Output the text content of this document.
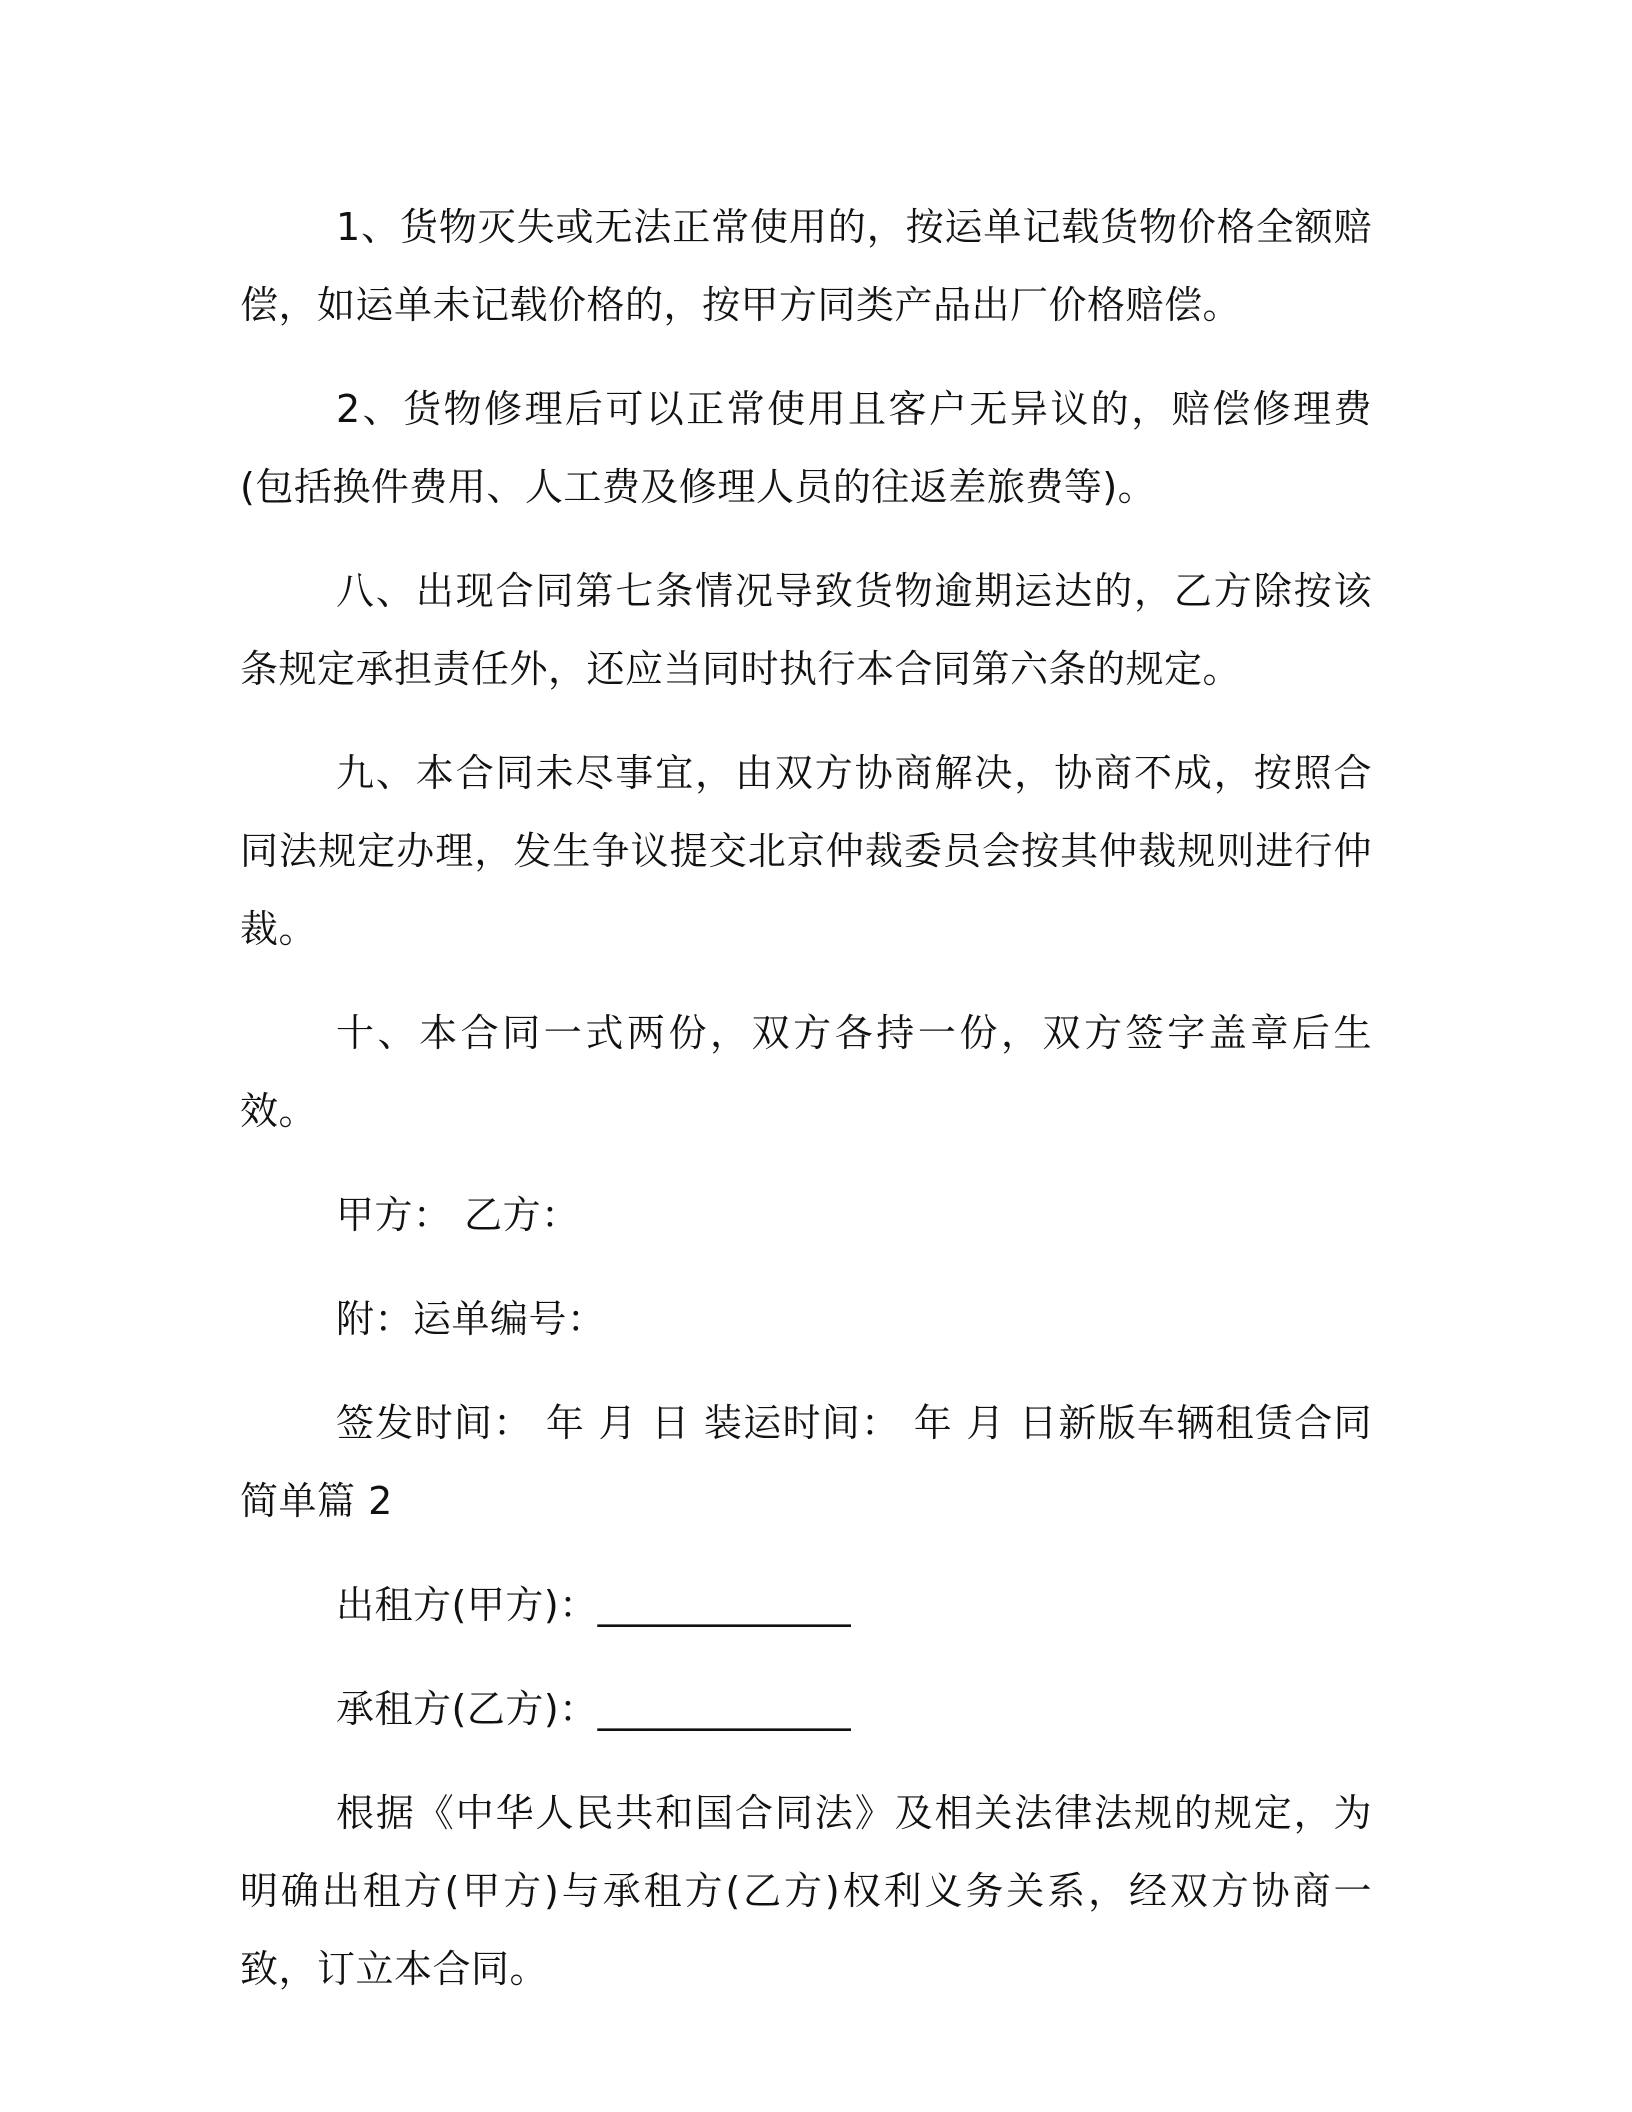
1、货物灭失或无法正常使用的，按运单记载货物价格全额赔偿，如运单未记载价格的，按甲方同类产品出厂价格赔偿。

2、货物修理后可以正常使用且客户无异议的，赔偿修理费(包括换件费用、人工费及修理人员的往返差旅费等)。

八、出现合同第七条情况导致货物逾期运达的，乙方除按该条规定承担责任外，还应当同时执行本合同第六条的规定。

九、本合同未尽事宜，由双方协商解决，协商不成，按照合同法规定办理，发生争议提交北京仲裁委员会按其仲裁规则进行仲裁。

十、本合同一式两份，双方各持一份，双方签字盖章后生效。

甲方： 乙方：

附：运单编号：

签发时间： 年 月 日 装运时间： 年 月 日新版车辆租赁合同简单篇 2

出租方(甲方)：_____________

承租方(乙方)：_____________

根据《中华人民共和国合同法》及相关法律法规的规定，为明确出租方(甲方)与承租方(乙方)权利义务关系，经双方协商一致，订立本合同。
